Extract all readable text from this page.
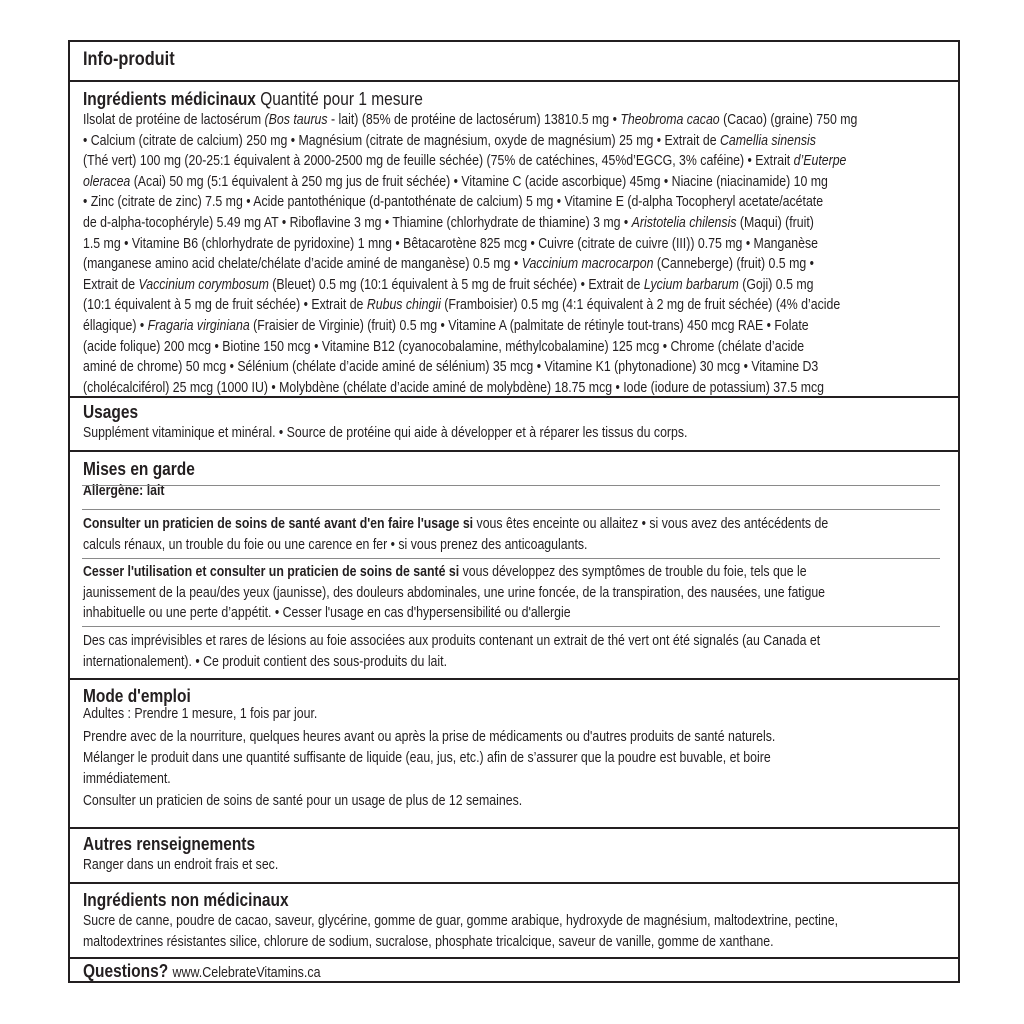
Info-produit
Ingrédients médicinaux Quantité pour 1 mesure
Ilsolat de protéine de lactosérum (Bos taurus - lait) (85% de protéine de lactosérum) 13810.5 mg • Theobroma cacao (Cacao) (graine) 750 mg
• Calcium (citrate de calcium) 250 mg • Magnésium (citrate de magnésium, oxyde de magnésium) 25 mg • Extrait de Camellia sinensis
(Thé vert) 100 mg (20-25:1 équivalent à 2000-2500 mg de feuille séchée) (75% de catéchines, 45%d’EGCG, 3% caféine) • Extrait d’Euterpe
oleracea (Acai) 50 mg (5:1 équivalent à 250 mg jus de fruit séchée) • Vitamine C (acide ascorbique) 45mg • Niacine (niacinamide) 10 mg
• Zinc (citrate de zinc) 7.5 mg • Acide pantothénique (d-pantothénate de calcium) 5 mg • Vitamine E (d-alpha Tocopheryl acetate/acétate
de d-alpha-tocophéryle) 5.49 mg AT • Riboflavine 3 mg • Thiamine (chlorhydrate de thiamine) 3 mg • Aristotelia chilensis (Maqui) (fruit)
1.5 mg • Vitamine B6 (chlorhydrate de pyridoxine) 1 mng • Bêtacarotène 825 mcg • Cuivre (citrate de cuivre (III)) 0.75 mg • Manganèse
(manganese amino acid chelate/chélate d’acide aminé de manganèse) 0.5 mg • Vaccinium macrocarpon (Canneberge) (fruit) 0.5 mg •
Extrait de Vaccinium corymbosum (Bleuet) 0.5 mg (10:1 équivalent à 5 mg de fruit séchée) • Extrait de Lycium barbarum (Goji) 0.5 mg
(10:1 équivalent à 5 mg de fruit séchée) • Extrait de Rubus chingii (Framboisier) 0.5 mg (4:1 équivalent à 2 mg de fruit séchée) (4% d’acide
éllagique) • Fragaria virginiana (Fraisier de Virginie) (fruit) 0.5 mg • Vitamine A (palmitate de rétinyle tout-trans) 450 mcg RAE • Folate
(acide folique) 200 mcg • Biotine 150 mcg • Vitamine B12 (cyanocobalamine, méthylcobalamine) 125 mcg • Chrome (chélate d’acide
aminé de chrome) 50 mcg • Sélénium (chélate d’acide aminé de sélénium) 35 mcg • Vitamine K1 (phytonadione) 30 mcg • Vitamine D3
(cholécalciférol) 25 mcg (1000 IU) • Molybdène (chélate d’acide aminé de molybdène) 18.75 mcg • Iode (iodure de potassium) 37.5 mcg
Usages
Supplément vitaminique et minéral. • Source de protéine qui aide à développer et à réparer les tissus du corps.
Mises en garde
Allergène: lait
Consulter un praticien de soins de santé avant d'en faire l'usage si vous êtes enceinte ou allaitez • si vous avez des antécédents de
calculs rénaux, un trouble du foie ou une carence en fer • si vous prenez des anticoagulants.
Cesser l'utilisation et consulter un praticien de soins de santé si vous développez des symptômes de trouble du foie, tels que le
jaunissement de la peau/des yeux (jaunisse), des douleurs abdominales, une urine foncée, de la transpiration, des nausées, une fatigue
inhabituelle ou une perte d’appétit. • Cesser l'usage en cas d'hypersensibilité ou d'allergie
Des cas imprévisibles et rares de lésions au foie associées aux produits contenant un extrait de thé vert ont été signalés (au Canada et
internationalement). • Ce produit contient des sous-produits du lait.
Mode d'emploi
Adultes : Prendre 1 mesure, 1 fois par jour.
Prendre avec de la nourriture, quelques heures avant ou après la prise de médicaments ou d'autres produits de santé naturels.
Mélanger le produit dans une quantité suffisante de liquide (eau, jus, etc.) afin de s’assurer que la poudre est buvable, et boire
immédiatement.
Consulter un praticien de soins de santé pour un usage de plus de 12 semaines.
Autres renseignements
Ranger dans un endroit frais et sec.
Ingrédients non médicinaux
Sucre de canne, poudre de cacao, saveur, glycérine, gomme de guar, gomme arabique, hydroxyde de magnésium, maltodextrine, pectine,
maltodextrines résistantes silice, chlorure de sodium, sucralose, phosphate tricalcique, saveur de vanille, gomme de xanthane.
Questions? www.CelebrateVitamins.ca
